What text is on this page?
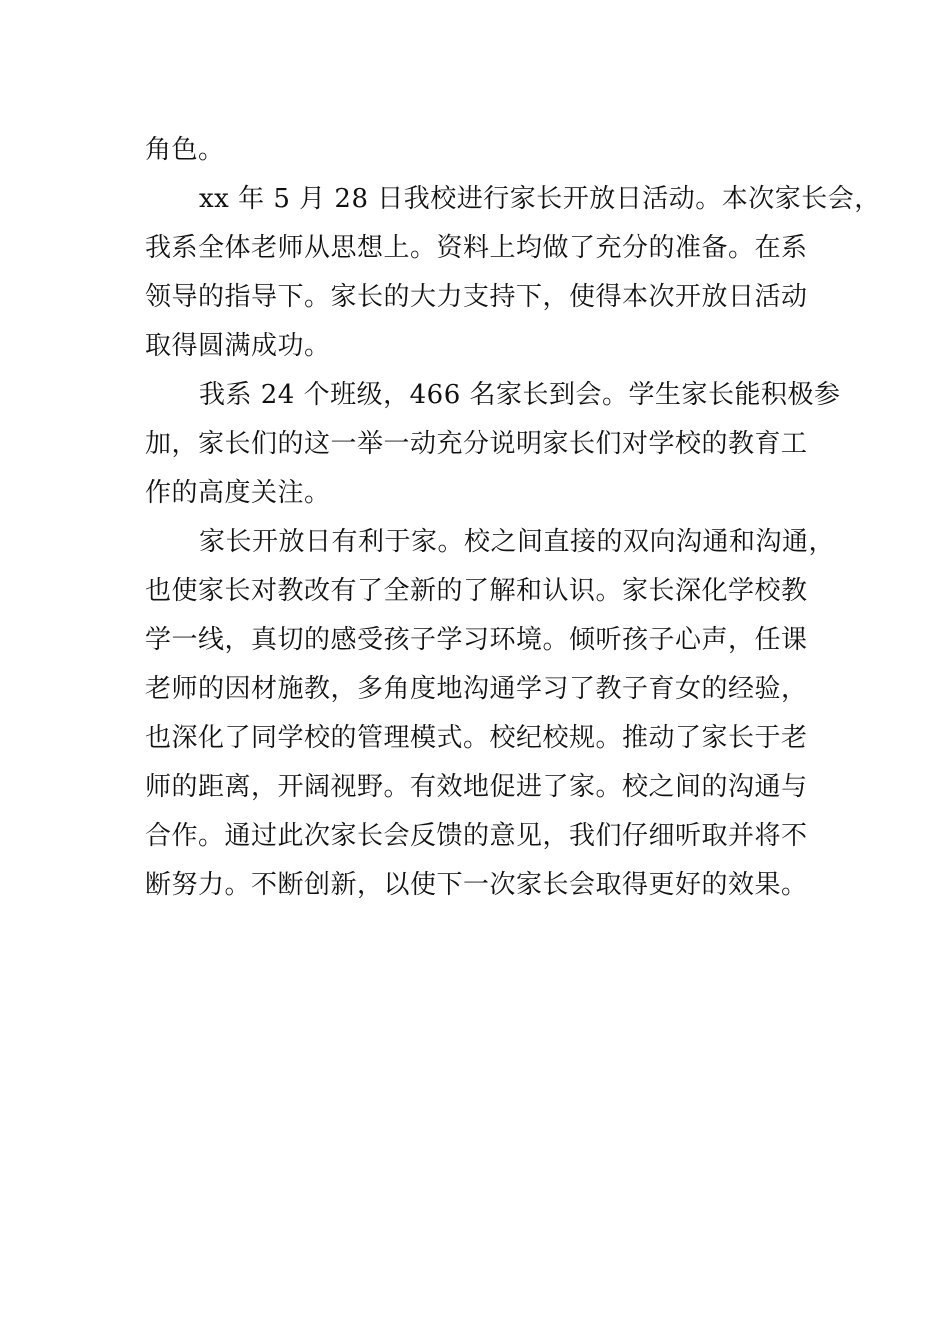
角色。
xx 年 5 月 28 日我校进行家长开放日活动。本次家长会，
我系全体老师从思想上。资料上均做了充分的准备。在系
领导的指导下。家长的大力支持下，使得本次开放日活动
取得圆满成功。
我系 24 个班级，466 名家长到会。学生家长能积极参
加，家长们的这一举一动充分说明家长们对学校的教育工
作的高度关注。
家长开放日有利于家。校之间直接的双向沟通和沟通，
也使家长对教改有了全新的了解和认识。家长深化学校教
学一线，真切的感受孩子学习环境。倾听孩子心声，任课
老师的因材施教，多角度地沟通学习了教子育女的经验，
也深化了同学校的管理模式。校纪校规。推动了家长于老
师的距离，开阔视野。有效地促进了家。校之间的沟通与
合作。通过此次家长会反馈的意见，我们仔细听取并将不
断努力。不断创新，以使下一次家长会取得更好的效果。
